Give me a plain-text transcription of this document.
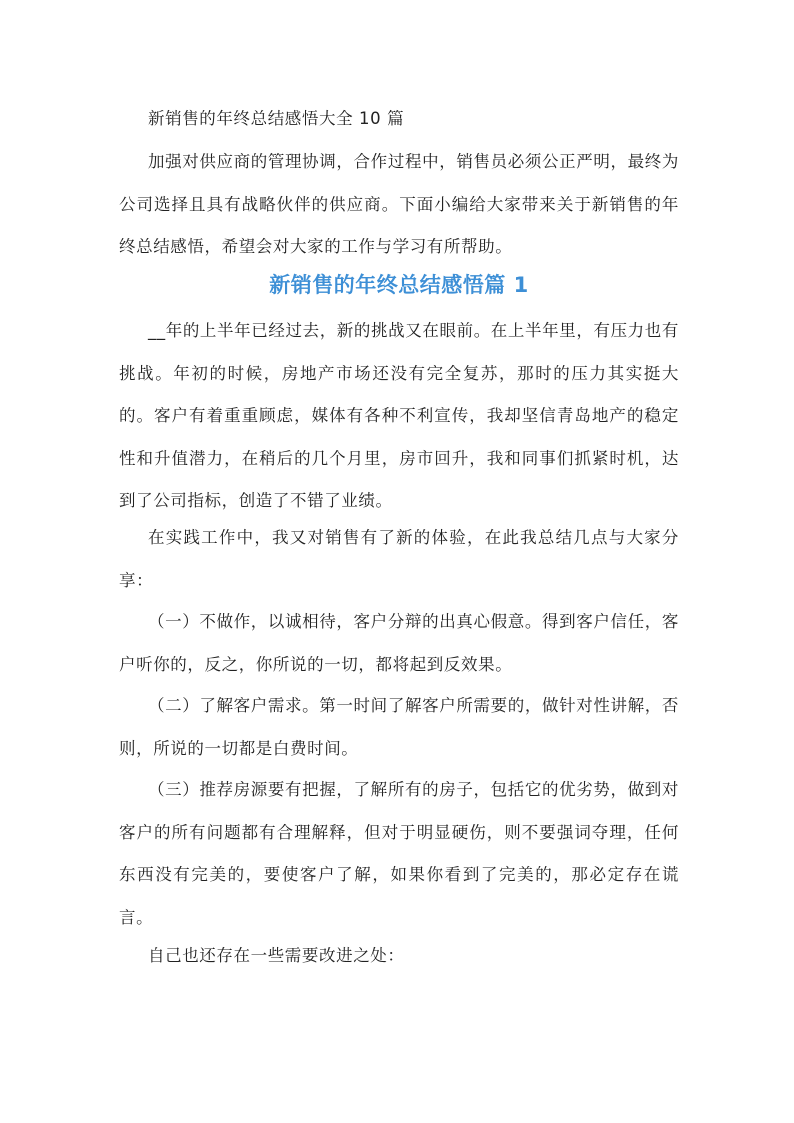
新销售的年终总结感悟大全 10 篇

加强对供应商的管理协调，合作过程中，销售员必须公正严明，最终为公司选择且具有战略伙伴的供应商。下面小编给大家带来关于新销售的年终总结感悟，希望会对大家的工作与学习有所帮助。

新销售的年终总结感悟篇 1

__年的上半年已经过去，新的挑战又在眼前。在上半年里，有压力也有挑战。年初的时候，房地产市场还没有完全复苏，那时的压力其实挺大的。客户有着重重顾虑，媒体有各种不利宣传，我却坚信青岛地产的稳定性和升值潜力，在稍后的几个月里，房市回升，我和同事们抓紧时机，达到了公司指标，创造了不错了业绩。

在实践工作中，我又对销售有了新的体验，在此我总结几点与大家分享：

（一）不做作，以诚相待，客户分辩的出真心假意。得到客户信任，客户听你的，反之，你所说的一切，都将起到反效果。

（二）了解客户需求。第一时间了解客户所需要的，做针对性讲解，否则，所说的一切都是白费时间。

（三）推荐房源要有把握，了解所有的房子，包括它的优劣势，做到对客户的所有问题都有合理解释，但对于明显硬伤，则不要强词夺理，任何东西没有完美的，要使客户了解，如果你看到了完美的，那必定存在谎言。

自己也还存在一些需要改进之处：
